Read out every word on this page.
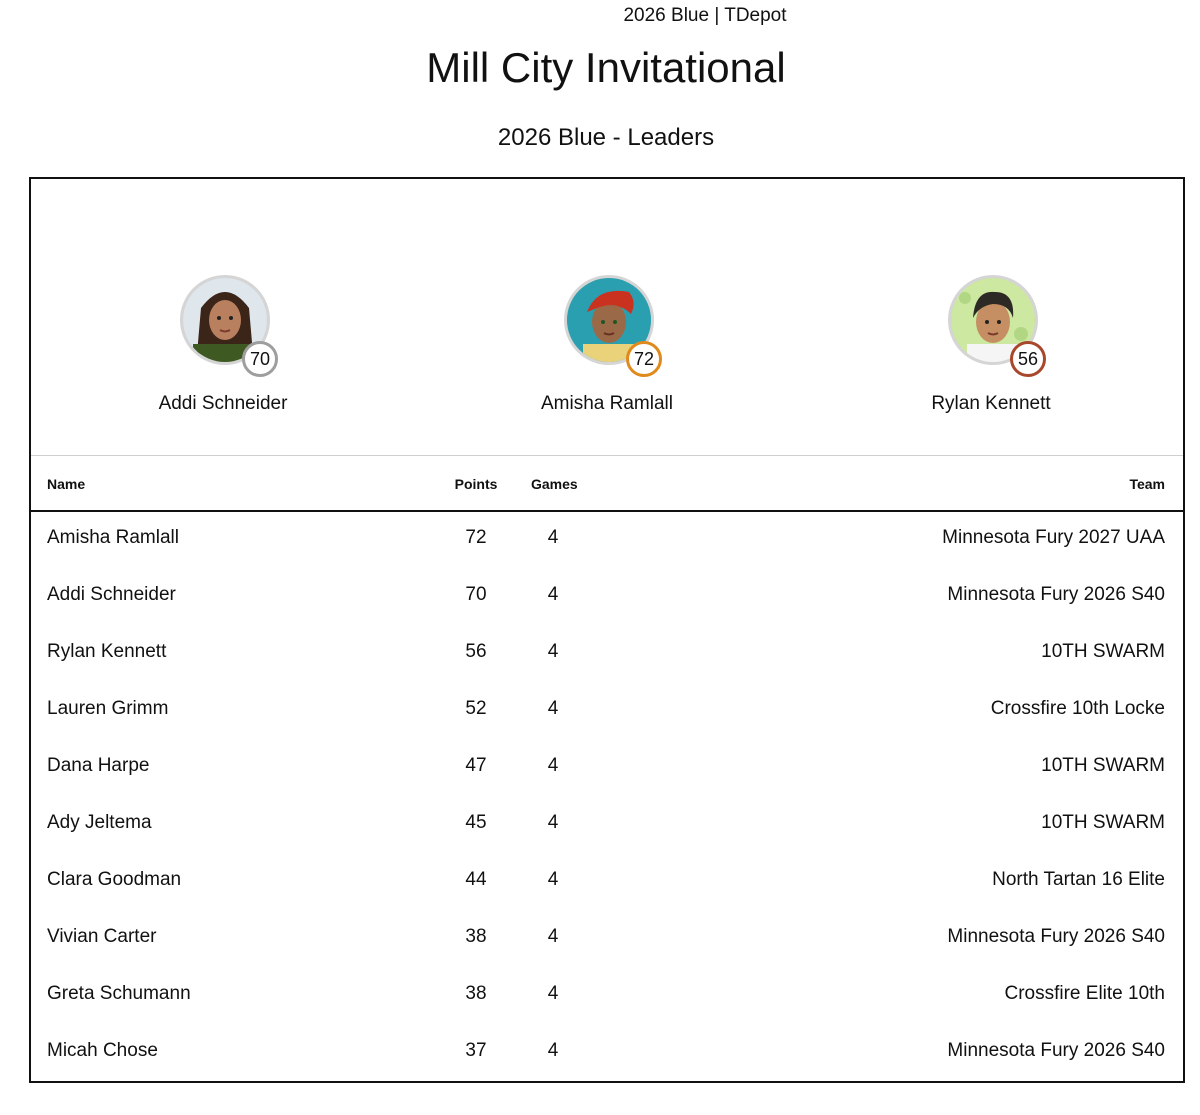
2026 Blue | TDepot
Mill City Invitational
2026 Blue - Leaders
70
Addi Schneider
72
Amisha Ramlall
56
Rylan Kennett
Name	Points Games	Team
Amisha Ramlall	72	4	Minnesota Fury 2027 UAA
Addi Schneider	70	4	Minnesota Fury 2026 S40
Rylan Kennett	56	4	10TH SWARM
Lauren Grimm	52	4	Crossfire 10th Locke
Dana Harpe	47	4	10TH SWARM
Ady Jeltema	45	4	10TH SWARM
Clara Goodman	44	4	North Tartan 16 Elite
Vivian Carter	38	4	Minnesota Fury 2026 S40
Greta Schumann	38	4	Crossfire Elite 10th
Micah Chose	37	4	Minnesota Fury 2026 S40
